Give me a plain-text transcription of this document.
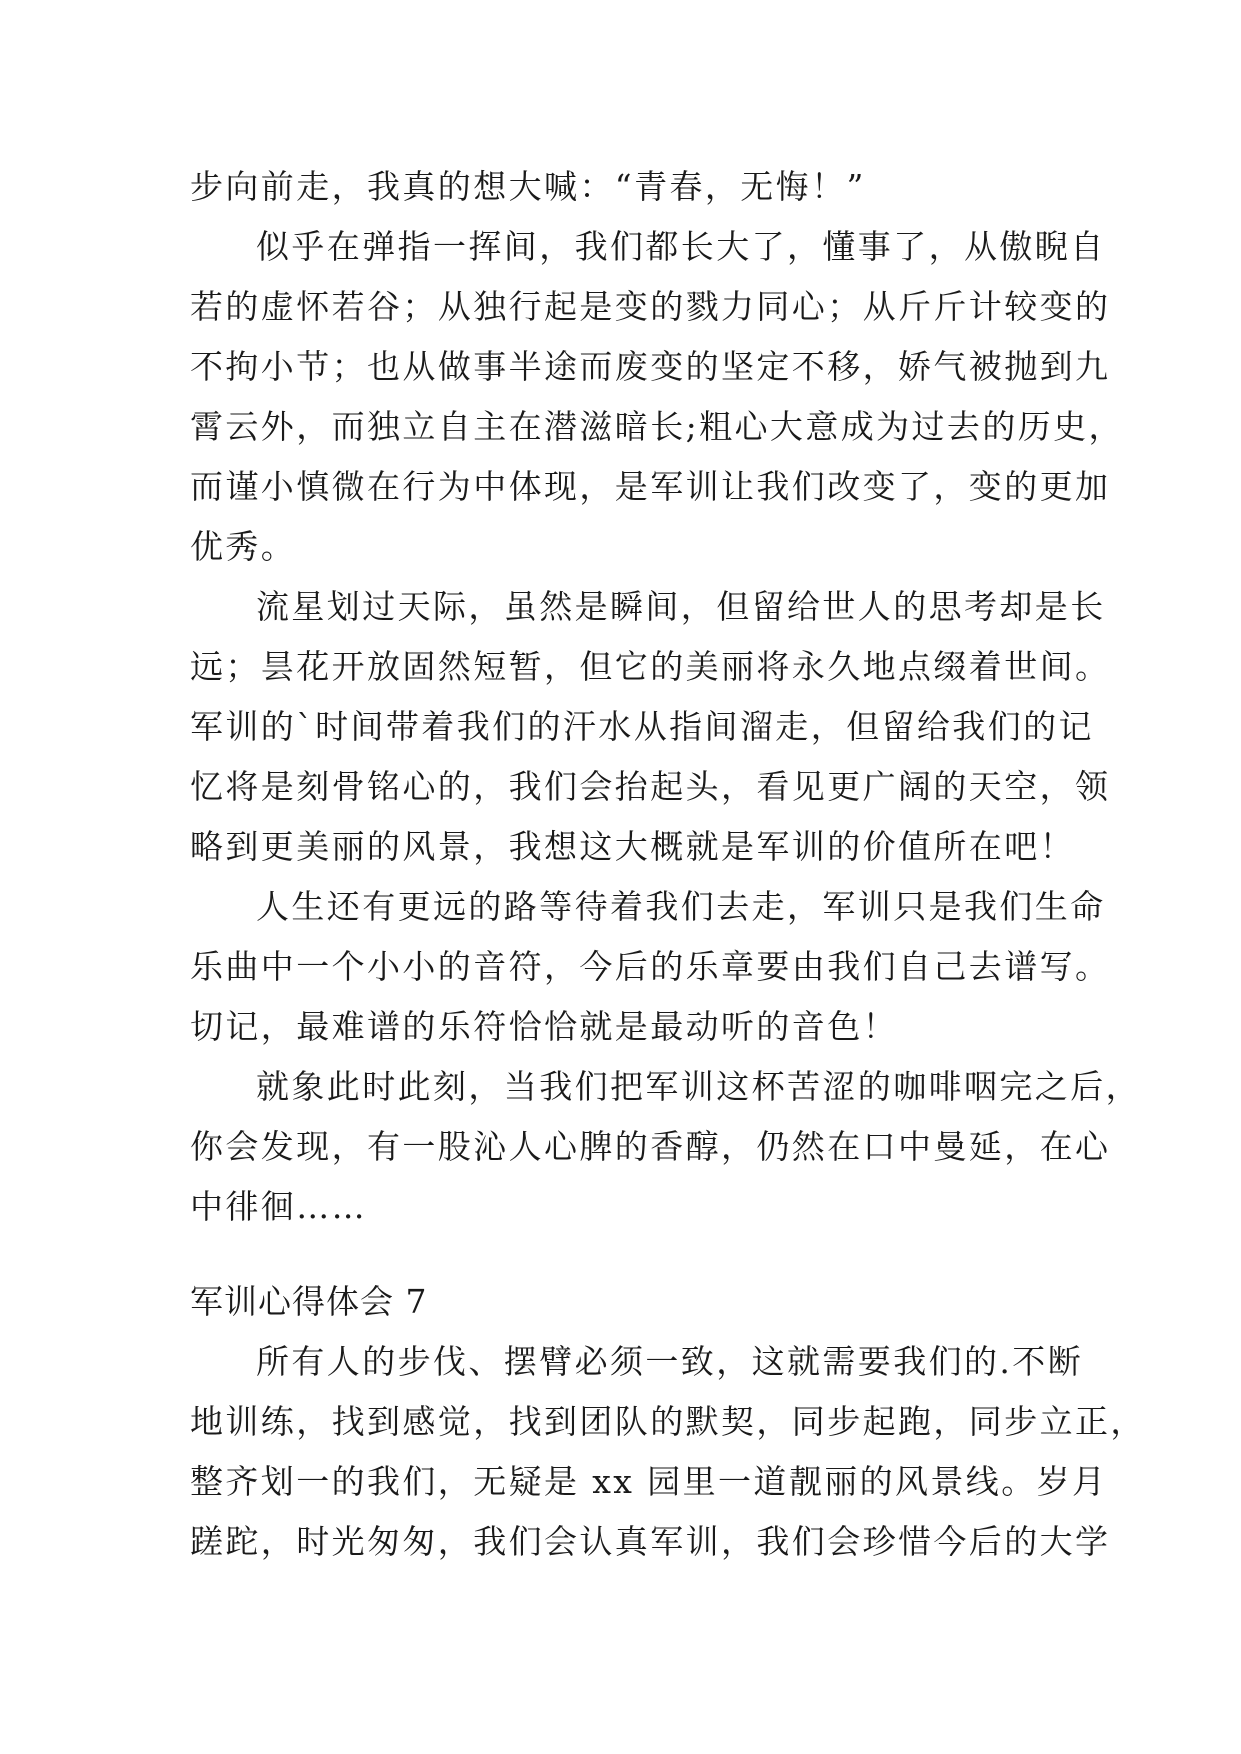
步向前走，我真的想大喊：“青春，无悔！”

似乎在弹指一挥间，我们都长大了，懂事了，从傲睨自

若的虚怀若谷；从独行起是变的戮力同心；从斤斤计较变的

不拘小节；也从做事半途而废变的坚定不移，娇气被抛到九

霄云外，而独立自主在潜滋暗长;粗心大意成为过去的历史，

而谨小慎微在行为中体现，是军训让我们改变了，变的更加

优秀。

流星划过天际，虽然是瞬间，但留给世人的思考却是长

远；昙花开放固然短暂，但它的美丽将永久地点缀着世间。

军训的`时间带着我们的汗水从指间溜走，但留给我们的记

忆将是刻骨铭心的，我们会抬起头，看见更广阔的天空，领

略到更美丽的风景，我想这大概就是军训的价值所在吧！

人生还有更远的路等待着我们去走，军训只是我们生命

乐曲中一个小小的音符，今后的乐章要由我们自己去谱写。

切记，最难谱的乐符恰恰就是最动听的音色！

就象此时此刻，当我们把军训这杯苦涩的咖啡咽完之后，

你会发现，有一股沁人心脾的香醇，仍然在口中曼延，在心

中徘徊……

军训心得体会 7

所有人的步伐、摆臂必须一致，这就需要我们的.不断

地训练，找到感觉，找到团队的默契，同步起跑，同步立正，

整齐划一的我们，无疑是 xx 园里一道靓丽的风景线。岁月

蹉跎，时光匆匆，我们会认真军训，我们会珍惜今后的大学
